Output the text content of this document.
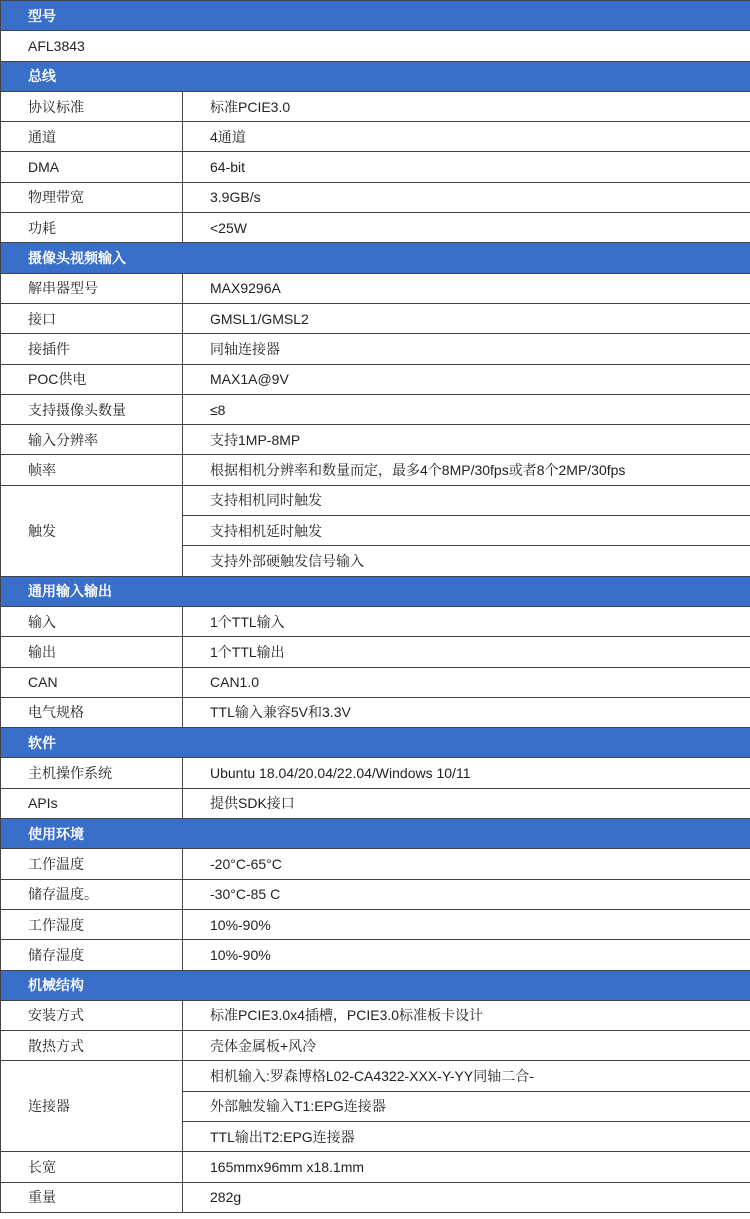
型号	
AFL3843	
总线	
协议标准	标准PCIE3.0
通道	4通道
DMA	64-bit
物理带宽	3.9GB/s
功耗	<25W
摄像头视频输入	
解串器型号	MAX9296A
接口	GMSL1/GMSL2
接插件	同轴连接器
POC供电	MAX1A@9V
支持摄像头数量	≤8
输入分辨率	支持1MP-8MP
帧率	根据相机分辨率和数量而定，最多4个8MP/30fps或者8个2MP/30fps
触发	支持相机同时触发
	支持相机延时触发
	支持外部硬触发信号输入
通用输入输出	
输入	1个TTL输入
输出	1个TTL输出
CAN	CAN1.0
电气规格	TTL输入兼容5V和3.3V
软件	
主机操作系统	Ubuntu 18.04/20.04/22.04/Windows 10/11
APIs	提供SDK接口
使用环境	
工作温度	-20°C-65°C
储存温度。	-30°C-85 C
工作湿度	10%-90%
储存湿度	10%-90%
机械结构	
安装方式	标准PCIE3.0x4插槽，PCIE3.0标准板卡设计
散热方式	壳体金属板+风冷
连接器	相机输入:罗森博格L02-CA4322-XXX-Y-YY同轴二合-
	外部触发输入T1:EPG连接器
	TTL输出T2:EPG连接器
长宽	165mmx96mm x18.1mm
重量	282g
